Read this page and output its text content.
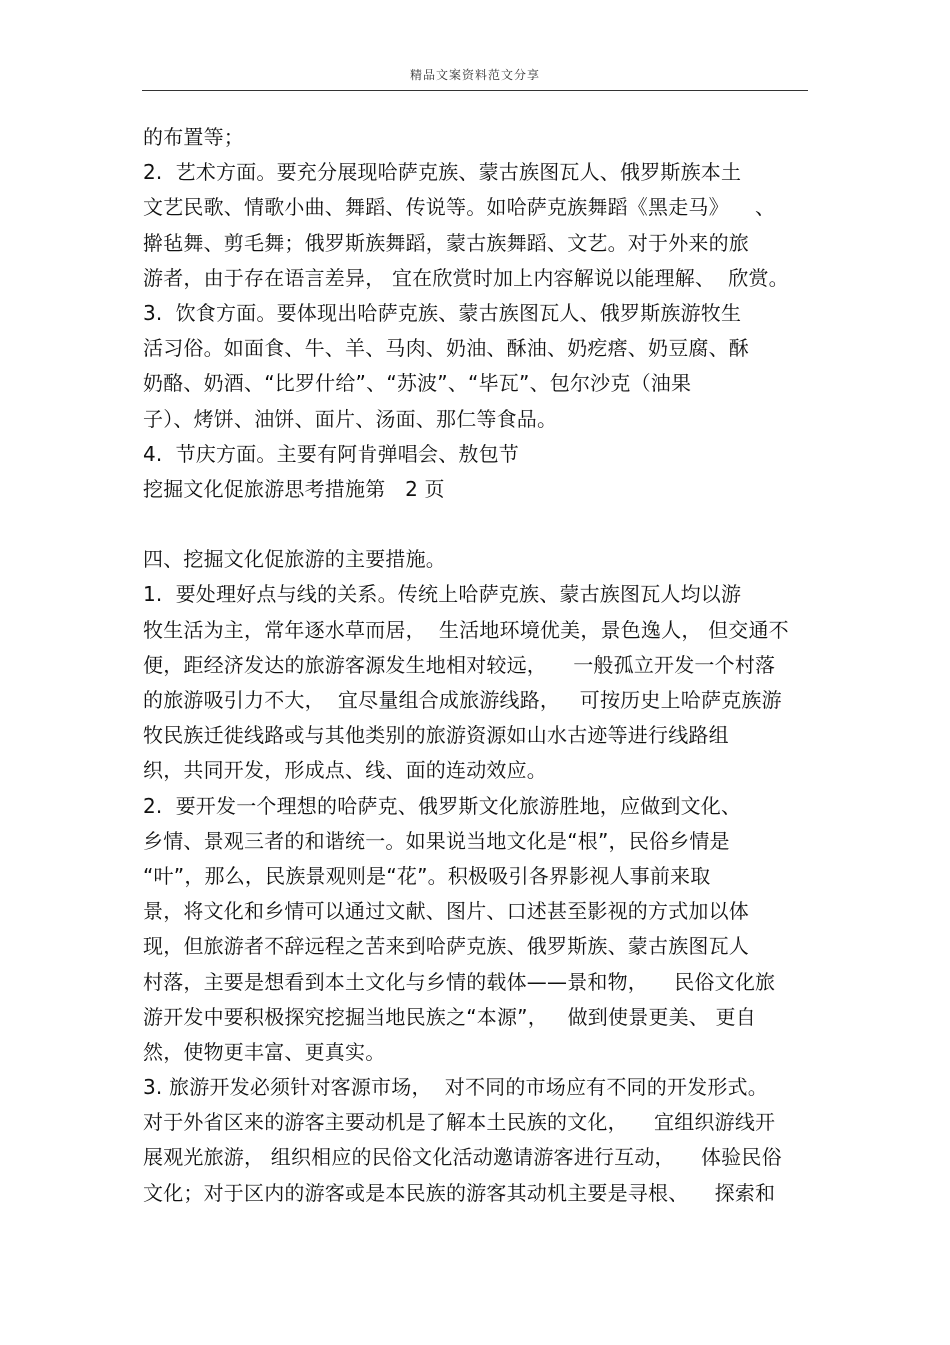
精品文案资料范文分享
的布置等；
2.  艺术方面。要充分展现哈萨克族、蒙古族图瓦人、俄罗斯族本土
文艺民歌、情歌小曲、舞蹈、传说等。如哈萨克族舞蹈《黑走马》    、
擀毡舞、剪毛舞；俄罗斯族舞蹈，蒙古族舞蹈、文艺。对于外来的旅
游者，由于存在语言差异， 宜在欣赏时加上内容解说以能理解、  欣赏。
3.  饮食方面。要体现出哈萨克族、蒙古族图瓦人、俄罗斯族游牧生
活习俗。如面食、牛、羊、马肉、奶油、酥油、奶疙瘩、奶豆腐、酥
奶酪、奶酒、“比罗什给”、“苏波”、“毕瓦”、包尔沙克（油果
子）、烤饼、油饼、面片、汤面、那仁等食品。
4.  节庆方面。主要有阿肯弹唱会、敖包节
挖掘文化促旅游思考措施第   2 页
四、挖掘文化促旅游的主要措施。
1.  要处理好点与线的关系。传统上哈萨克族、蒙古族图瓦人均以游
牧生活为主，常年逐水草而居，  生活地环境优美，景色逸人， 但交通不
便，距经济发达的旅游客源发生地相对较远，    一般孤立开发一个村落
的旅游吸引力不大，  宜尽量组合成旅游线路，   可按历史上哈萨克族游
牧民族迁徙线路或与其他类别的旅游资源如山水古迹等进行线路组
织，共同开发，形成点、线、面的连动效应。
2.  要开发一个理想的哈萨克、俄罗斯文化旅游胜地，应做到文化、
乡情、景观三者的和谐统一。如果说当地文化是“根”，民俗乡情是
“叶”，那么，民族景观则是“花”。积极吸引各界影视人事前来取
景，将文化和乡情可以通过文献、图片、口述甚至影视的方式加以体
现，但旅游者不辞远程之苦来到哈萨克族、俄罗斯族、蒙古族图瓦人
村落，主要是想看到本土文化与乡情的载体——景和物，    民俗文化旅
游开发中要积极探究挖掘当地民族之“本源”，   做到使景更美、 更自
然，使物更丰富、更真实。
3. 旅游开发必须针对客源市场，  对不同的市场应有不同的开发形式。
对于外省区来的游客主要动机是了解本土民族的文化，    宜组织游线开
展观光旅游， 组织相应的民俗文化活动邀请游客进行互动，    体验民俗
文化；对于区内的游客或是本民族的游客其动机主要是寻根、    探索和
